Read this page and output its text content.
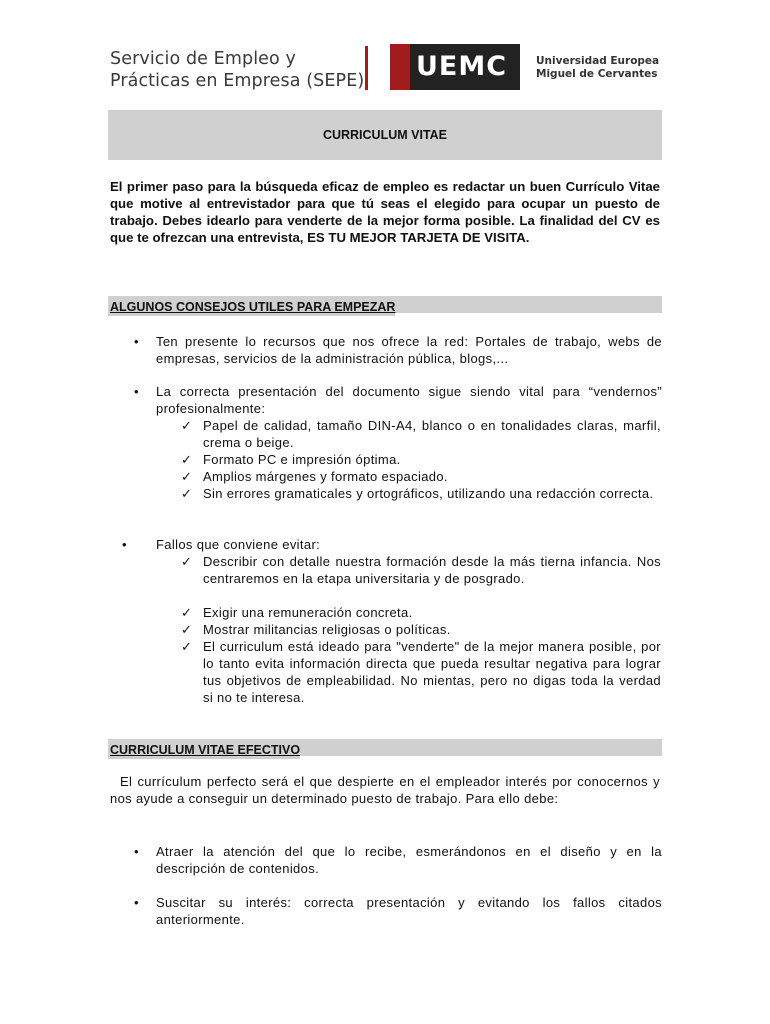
Servicio de Empleo y
Prácticas en Empresa (SEPE) UEMC	Universidad Europea
Miguel de Cervantes
CURRICULUM VITAE

El primer paso para la búsqueda eficaz de empleo es redactar un buen Currículo Vitae que motive al entrevistador para que tú seas el elegido para ocupar un puesto de trabajo. Debes idearlo para venderte de la mejor forma posible. La finalidad del CV es que te ofrezcan una entrevista, ES TU MEJOR TARJETA DE VISITA.

ALGUNOS CONSEJOS UTILES PARA EMPEZAR
• Ten presente lo recursos que nos ofrece la red: Portales de trabajo, webs de empresas, servicios de la administración pública, blogs,...

• La correcta presentación del documento sigue siendo vital para “vendernos” profesionalmente:

✓ Papel de calidad, tamaño DIN-A4, blanco o en tonalidades claras, marfil, crema o beige.

✓ Formato PC e impresión óptima.

✓ Amplios márgenes y formato espaciado.

✓ Sin errores gramaticales y ortográficos, utilizando una redacción correcta.

• Fallos que conviene evitar:

✓ Describir con detalle nuestra formación desde la más tierna infancia. Nos centraremos en la etapa universitaria y de posgrado.

✓ Exigir una remuneración concreta.

✓ Mostrar militancias religiosas o políticas.

✓ El curriculum está ideado para "venderte" de la mejor manera posible, por lo tanto evita información directa que pueda resultar negativa para lograr tus objetivos de empleabilidad. No mientas, pero no digas toda la verdad si no te interesa.

CURRICULUM VITAE EFECTIVO

El currículum perfecto será el que despierte en el empleador interés por conocernos y nos ayude a conseguir un determinado puesto de trabajo. Para ello debe:

• Atraer la atención del que lo recibe, esmerándonos en el diseño y en la descripción de contenidos.

• Suscitar su interés: correcta presentación y evitando los fallos citados anteriormente.
